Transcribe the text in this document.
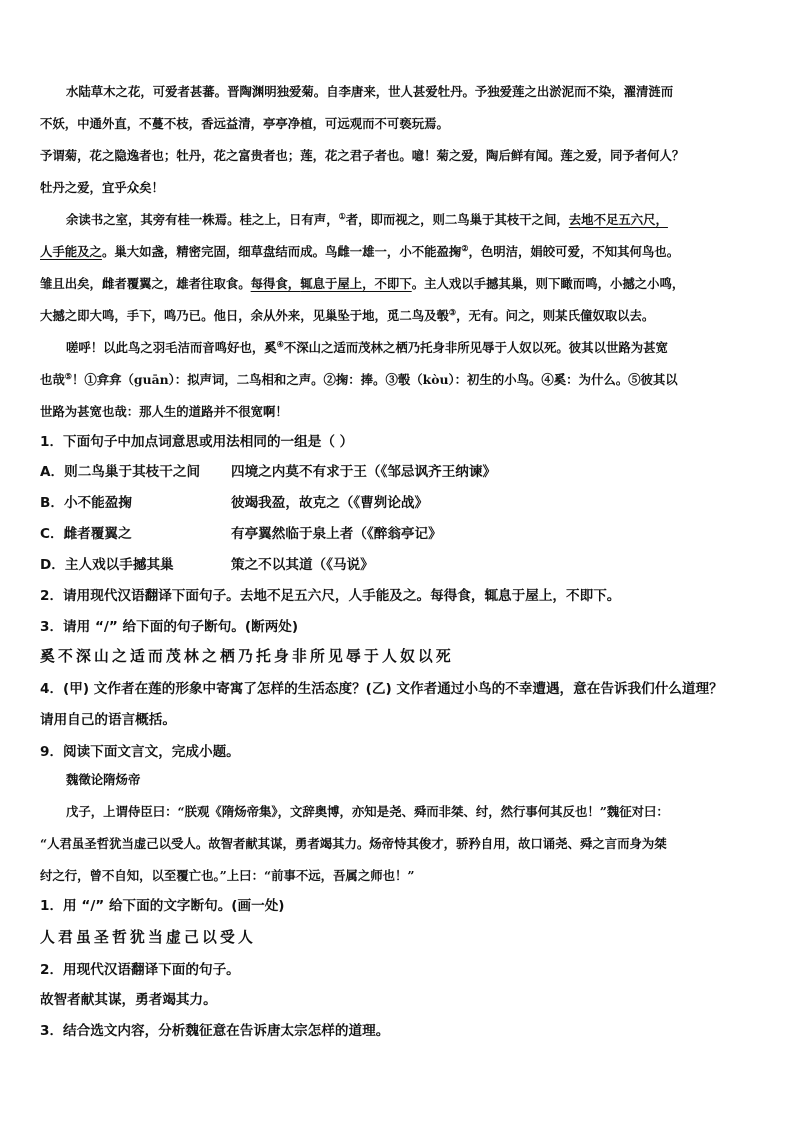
水陆草木之花，可爱者甚蕃。晋陶渊明独爱菊。自李唐来，世人甚爱牡丹。予独爱莲之出淤泥而不染，濯清涟而
不妖，中通外直，不蔓不枝，香远益清，亭亭净植，可远观而不可亵玩焉。
予谓菊，花之隐逸者也；牡丹，花之富贵者也；莲，花之君子者也。噫！菊之爱，陶后鲜有闻。莲之爱，同予者何人？
牡丹之爱，宜乎众矣！
余读书之室，其旁有桂一株焉。桂之上，日有声，①者，即而视之，则二鸟巢于其枝干之间，去地不足五六尺，
人手能及之。巢大如盏，精密完固，细草盘结而成。鸟雌一雄一，小不能盈掬②，色明洁，娟皎可爱，不知其何鸟也。
雏且出矣，雌者覆翼之，雄者往取食。每得食，辄息于屋上，不即下。主人戏以手撼其巢，则下瞰而鸣，小撼之小鸣，
大撼之即大鸣，手下，鸣乃已。他日，余从外来，见巢坠于地，觅二鸟及彀③，无有。问之，则某氏僮奴取以去。
嗟呼！以此鸟之羽毛洁而音鸣好也，奚④不深山之适而茂林之栖乃托身非所见辱于人奴以死。彼其以世路为甚宽
也哉⑤！①弇弇（guān）：拟声词，二鸟相和之声。②掬：捧。③彀（kòu）：初生的小鸟。④奚：为什么。⑤彼其以
世路为甚宽也哉：那人生的道路并不很宽啊！
1．下面句子中加点词意思或用法相同的一组是（ ）
A．则二鸟巢于其枝干之间 四境之内莫不有求于王（《邹忌讽齐王纳谏》
B．小不能盈掬	彼竭我盈，故克之（《曹刿论战》
C．雌者覆翼之	有亭翼然临于泉上者（《醉翁亭记》
D．主人戏以手撼其巢	策之不以其道（《马说》
2．请用现代汉语翻译下面句子。去地不足五六尺，人手能及之。每得食，辄息于屋上，不即下。
3．请用 “/” 给下面的句子断句。(断两处)
奚不深山之适而茂林之栖乃托身非所见辱于人奴以死
4．(甲) 文作者在莲的形象中寄寓了怎样的生活态度？(乙) 文作者通过小鸟的不幸遭遇，意在告诉我们什么道理？
请用自己的语言概括。
9．阅读下面文言文，完成小题。
魏徵论隋炀帝
戊子，上谓侍臣曰：“朕观《隋炀帝集》，文辞奥博，亦知是尧、舜而非桀、纣，然行事何其反也！”魏征对曰：
“人君虽圣哲犹当虚己以受人。故智者献其谋，勇者竭其力。炀帝恃其俊才，骄矜自用，故口诵尧、舜之言而身为桀
纣之行，曾不自知，以至覆亡也。”上曰：“前事不远，吾属之师也！”
1．用 “/” 给下面的文字断句。(画一处)
人君虽圣哲犹当虚己以受人
2．用现代汉语翻译下面的句子。
故智者献其谋，勇者竭其力。
3．结合选文内容，分析魏征意在告诉唐太宗怎样的道理。
